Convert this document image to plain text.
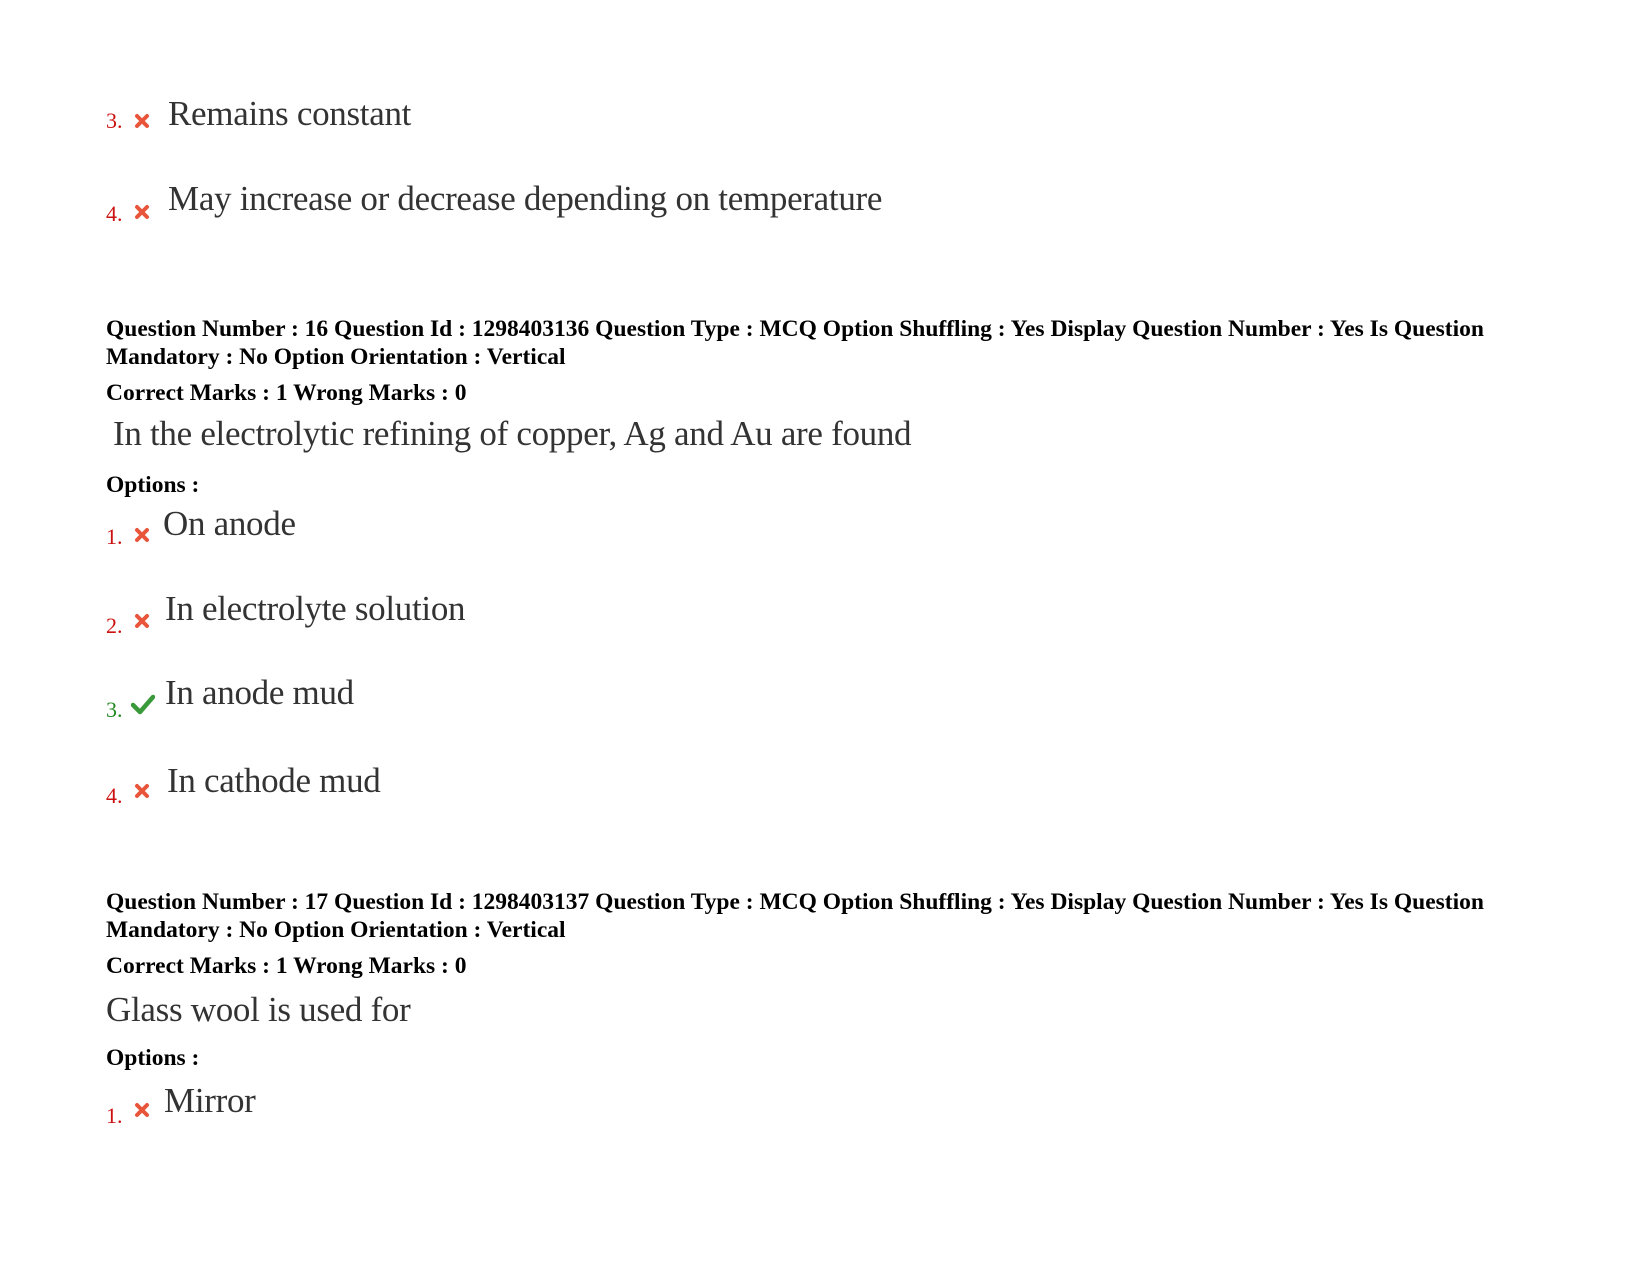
3. Remains constant
4. May increase or decrease depending on temperature
Question Number : 16 Question Id : 1298403136 Question Type : MCQ Option Shuffling : Yes Display Question Number : Yes Is Question Mandatory : No Option Orientation : Vertical
Correct Marks : 1 Wrong Marks : 0
In the electrolytic refining of copper, Ag and Au are found
Options :
1. On anode
2. In electrolyte solution
3. In anode mud
4. In cathode mud
Question Number : 17 Question Id : 1298403137 Question Type : MCQ Option Shuffling : Yes Display Question Number : Yes Is Question Mandatory : No Option Orientation : Vertical
Correct Marks : 1 Wrong Marks : 0
Glass wool is used for
Options :
1. Mirror
